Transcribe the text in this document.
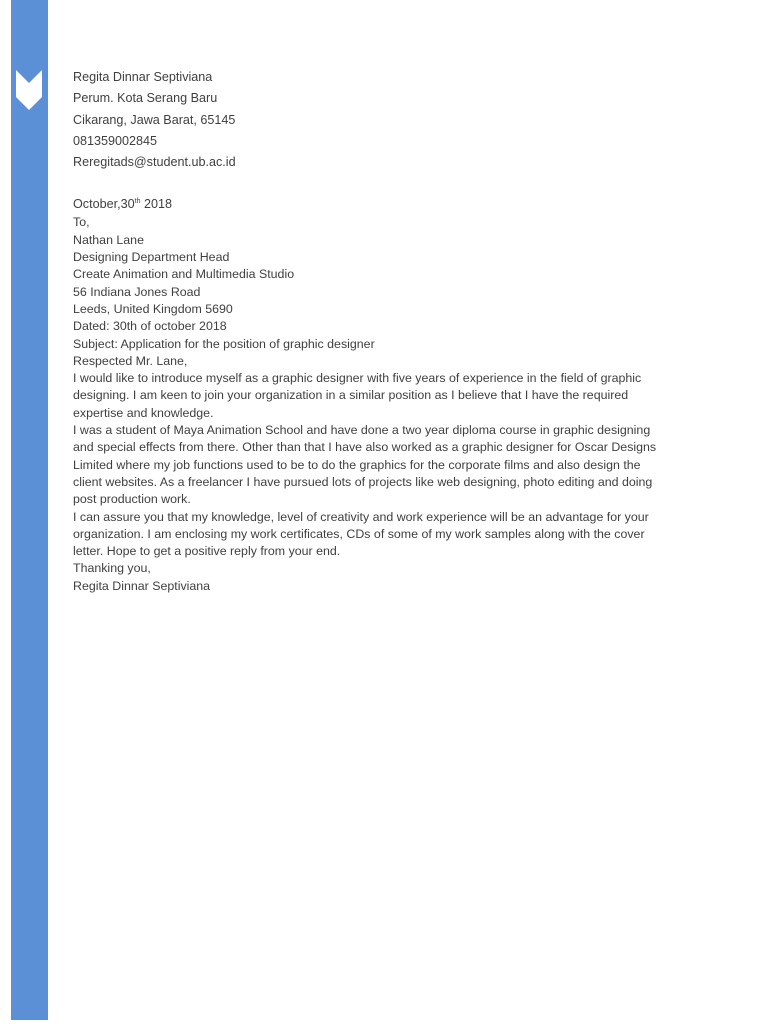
Regita Dinnar Septiviana
Perum. Kota Serang Baru
Cikarang, Jawa Barat, 65145
081359002845
Reregitads@student.ub.ac.id
October,30th 2018
To,
Nathan Lane
Designing Department Head
Create Animation and Multimedia Studio
56 Indiana Jones Road
Leeds, United Kingdom 5690
Dated: 30th of october 2018
Subject: Application for the position of graphic designer
Respected Mr. Lane,
I would like to introduce myself as a graphic designer with five years of experience in the field of graphic
designing. I am keen to join your organization in a similar position as I believe that I have the required
expertise and knowledge.
I was a student of Maya Animation School and have done a two year diploma course in graphic designing
and special effects from there. Other than that I have also worked as a graphic designer for Oscar Designs
Limited where my job functions used to be to do the graphics for the corporate films and also design the
client websites. As a freelancer I have pursued lots of projects like web designing, photo editing and doing
post production work.
I can assure you that my knowledge, level of creativity and work experience will be an advantage for your
organization. I am enclosing my work certificates, CDs of some of my work samples along with the cover
letter. Hope to get a positive reply from your end.
Thanking you,
Regita Dinnar Septiviana
